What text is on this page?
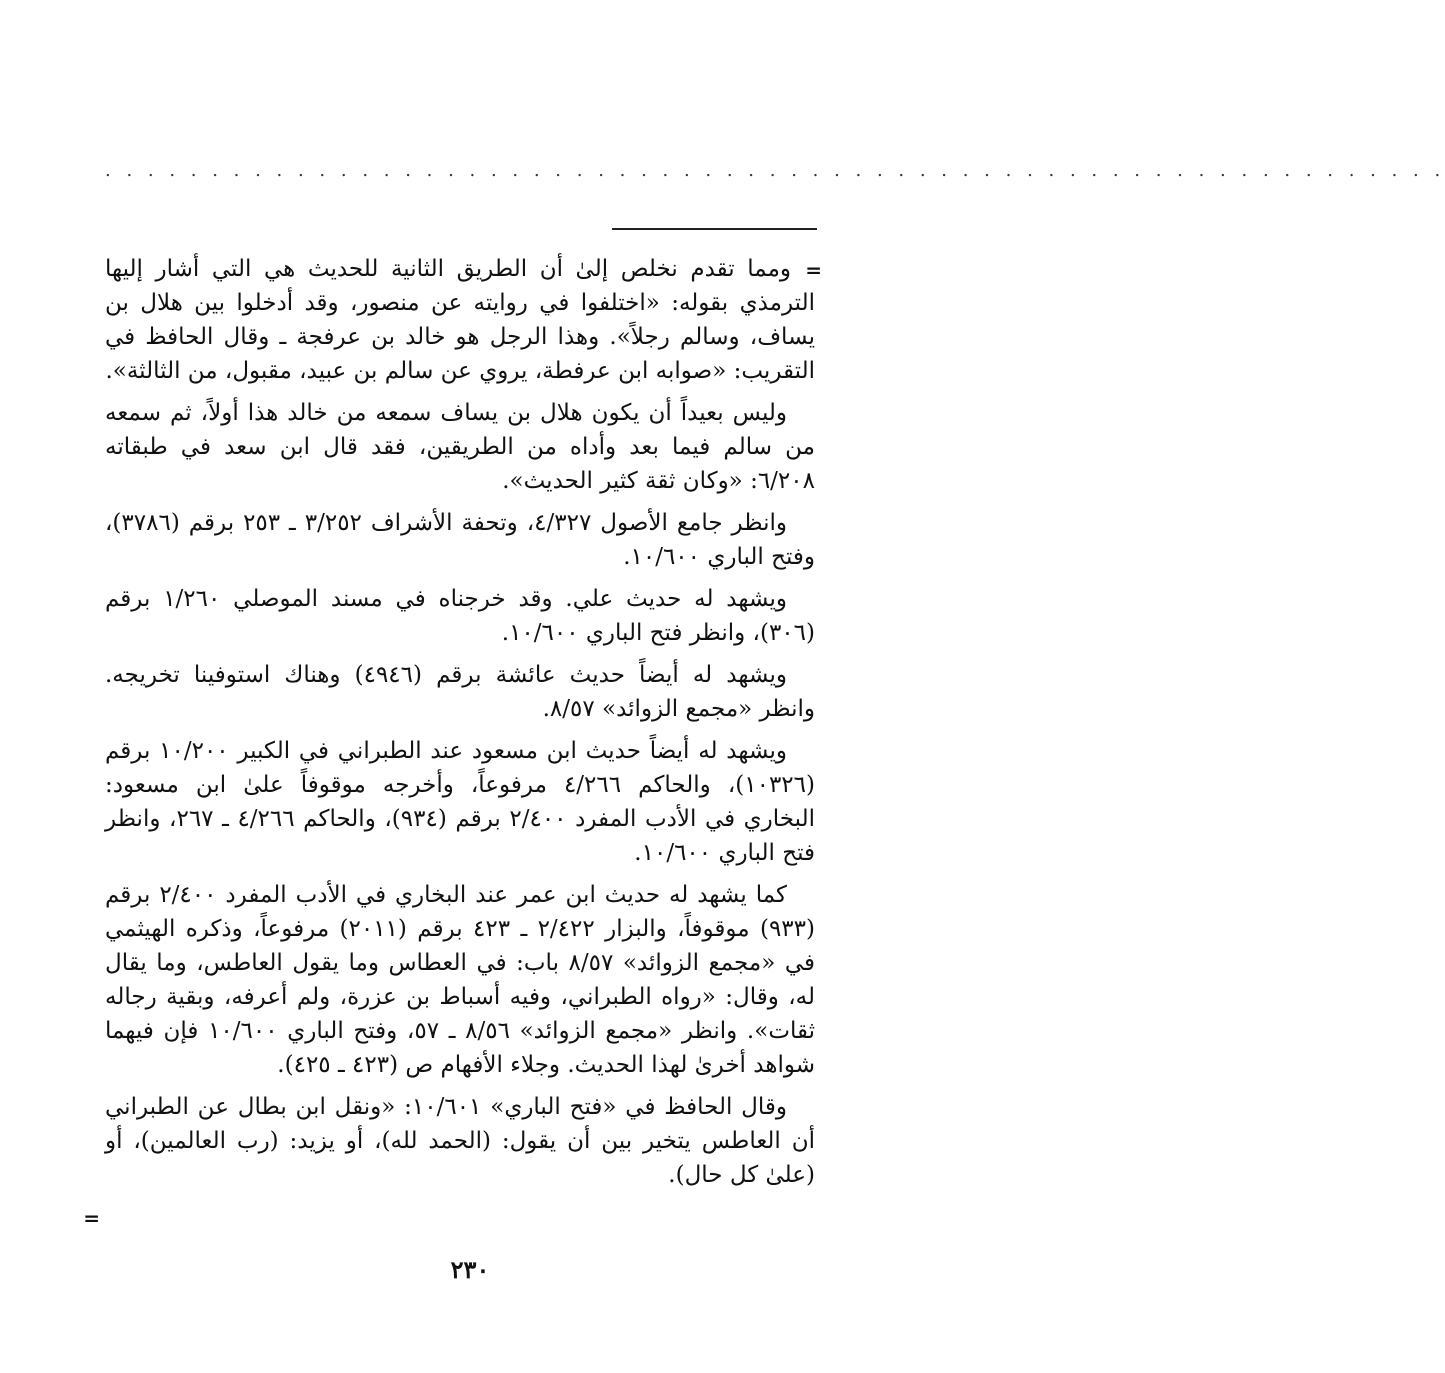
. . . . . . . . . . . . . . . . . . . . . . . . . . . . . . . . . . . . . . . . . . . . . . . . . . . . . . . . . . . . . . .
=

ومما تقدم نخلص إلىٰ أن الطريق الثانية للحديث هي التي أشار إليها الترمذي بقوله: «اختلفوا في روايته عن منصور، وقد أدخلوا بين هلال بن يساف، وسالم رجلاً». وهذا الرجل هو خالد بن عرفجة ـ وقال الحافظ في التقريب: «صوابه ابن عرفطة، يروي عن سالم بن عبيد، مقبول، من الثالثة».

وليس بعيداً أن يكون هلال بن يساف سمعه من خالد هذا أولاً، ثم سمعه من سالم فيما بعد وأداه من الطريقين، فقد قال ابن سعد في طبقاته ٦/٢٠٨: «وكان ثقة كثير الحديث».

وانظر جامع الأصول ٤/٣٢٧، وتحفة الأشراف ٣/٢٥٢ ـ ٢٥٣ برقم (٣٧٨٦)، وفتح الباري ١٠/٦٠٠.

ويشهد له حديث علي. وقد خرجناه في مسند الموصلي ١/٢٦٠ برقم (٣٠٦)، وانظر فتح الباري ١٠/٦٠٠.

ويشهد له أيضاً حديث عائشة برقم (٤٩٤٦) وهناك استوفينا تخريجه. وانظر «مجمع الزوائد» ٨/٥٧.

ويشهد له أيضاً حديث ابن مسعود عند الطبراني في الكبير ١٠/٢٠٠ برقم (١٠٣٢٦)، والحاكم ٤/٢٦٦ مرفوعاً، وأخرجه موقوفاً علىٰ ابن مسعود: البخاري في الأدب المفرد ٢/٤٠٠ برقم (٩٣٤)، والحاكم ٤/٢٦٦ ـ ٢٦٧، وانظر فتح الباري ١٠/٦٠٠.

كما يشهد له حديث ابن عمر عند البخاري في الأدب المفرد ٢/٤٠٠ برقم (٩٣٣) موقوفاً، والبزار ٢/٤٢٢ ـ ٤٢٣ برقم (٢٠١١) مرفوعاً، وذكره الهيثمي في «مجمع الزوائد» ٨/٥٧ باب: في العطاس وما يقول العاطس، وما يقال له، وقال: «رواه الطبراني، وفيه أسباط بن عزرة، ولم أعرفه، وبقية رجاله ثقات». وانظر «مجمع الزوائد» ٨/٥٦ ـ ٥٧، وفتح الباري ١٠/٦٠٠ فإن فيهما شواهد أخرىٰ لهذا الحديث. وجلاء الأفهام ص (٤٢٣ ـ ٤٢٥).

وقال الحافظ في «فتح الباري» ١٠/٦٠١: «ونقل ابن بطال عن الطبراني أن العاطس يتخير بين أن يقول: (الحمد لله)، أو يزيد: (رب العالمين)، أو (علىٰ كل حال).

=
٢٣٠
